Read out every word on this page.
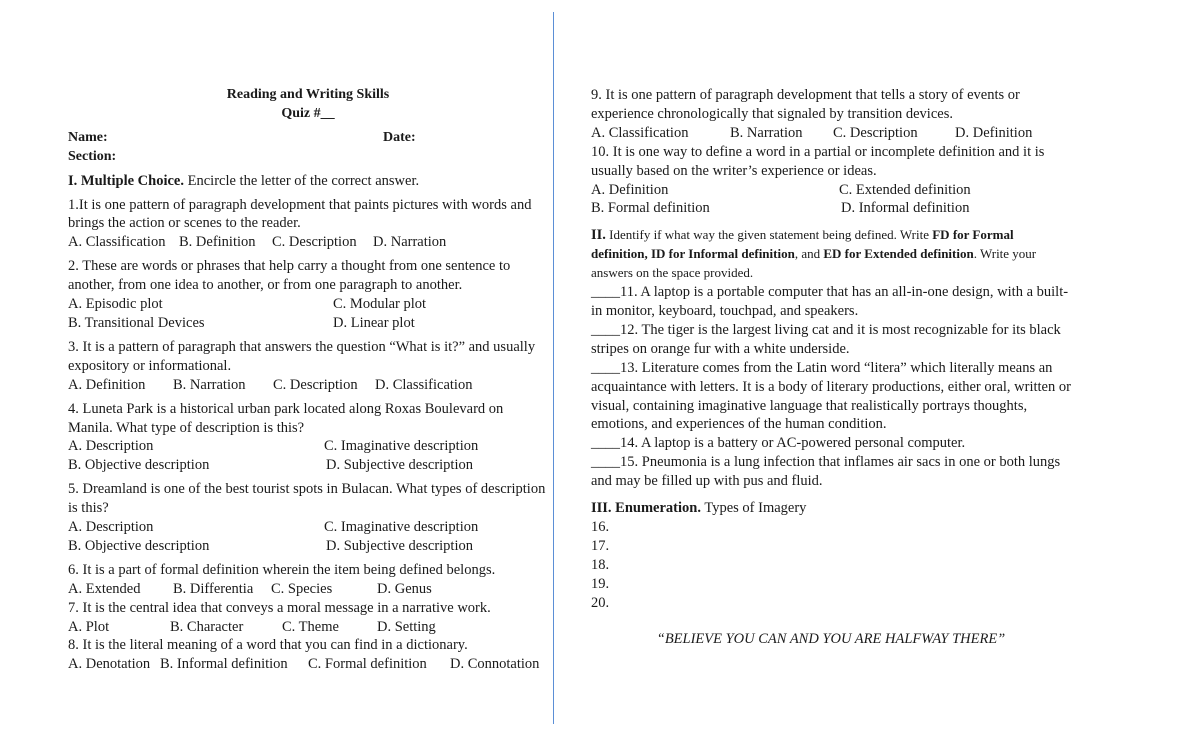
Reading and Writing Skills
Quiz #__
Name:	Date:
Section:
I. Multiple Choice. Encircle the letter of the correct answer.
1.It is one pattern of paragraph development that paints pictures with words and brings the action or scenes to the reader.
A. Classification B. Definition	C. Description	D. Narration
2. These are words or phrases that help carry a thought from one sentence to another, from one idea to another, or from one paragraph to another.
A. Episodic plot	C. Modular plot
B. Transitional Devices	D. Linear plot
3. It is a pattern of paragraph that answers the question “What is it?” and usually expository or informational.
A. Definition	B. Narration	C. Description	D. Classification
4. Luneta Park is a historical urban park located along Roxas Boulevard on Manila. What type of description is this?
A. Description	C. Imaginative description
B. Objective description	D. Subjective description
5. Dreamland is one of the best tourist spots in Bulacan. What types of description is this?
A. Description	C. Imaginative description
B. Objective description	D. Subjective description
6. It is a part of formal definition wherein the item being defined belongs.
A. Extended	B. Differentia	C. Species	D. Genus
7. It is the central idea that conveys a moral message in a narrative work.
A. Plot	B. Character	C. Theme	D. Setting
8. It is the literal meaning of a word that you can find in a dictionary.
A. Denotation B. Informal definition	C. Formal definition	D. Connotation
9. It is one pattern of paragraph development that tells a story of events or experience chronologically that signaled by transition devices.
A. Classification	B. Narration	C. Description	D. Definition
10. It is one way to define a word in a partial or incomplete definition and it is usually based on the writer’s experience or ideas.
A. Definition	C. Extended definition
B. Formal definition	D. Informal definition
II. Identify if what way the given statement being defined. Write FD for Formal definition, ID for Informal definition, and ED for Extended definition. Write your answers on the space provided.
____11. A laptop is a portable computer that has an all-in-one design, with a built-in monitor, keyboard, touchpad, and speakers.
____12. The tiger is the largest living cat and it is most recognizable for its black stripes on orange fur with a white underside.
____13. Literature comes from the Latin word “litera” which literally means an acquaintance with letters. It is a body of literary productions, either oral, written or visual, containing imaginative language that realistically portrays thoughts, emotions, and experiences of the human condition.
____14. A laptop is a battery or AC-powered personal computer.
____15. Pneumonia is a lung infection that inflames air sacs in one or both lungs and may be filled up with pus and fluid.
III. Enumeration. Types of Imagery
16.
17.
18.
19.
20.
“BELIEVE YOU CAN AND YOU ARE HALFWAY THERE”
